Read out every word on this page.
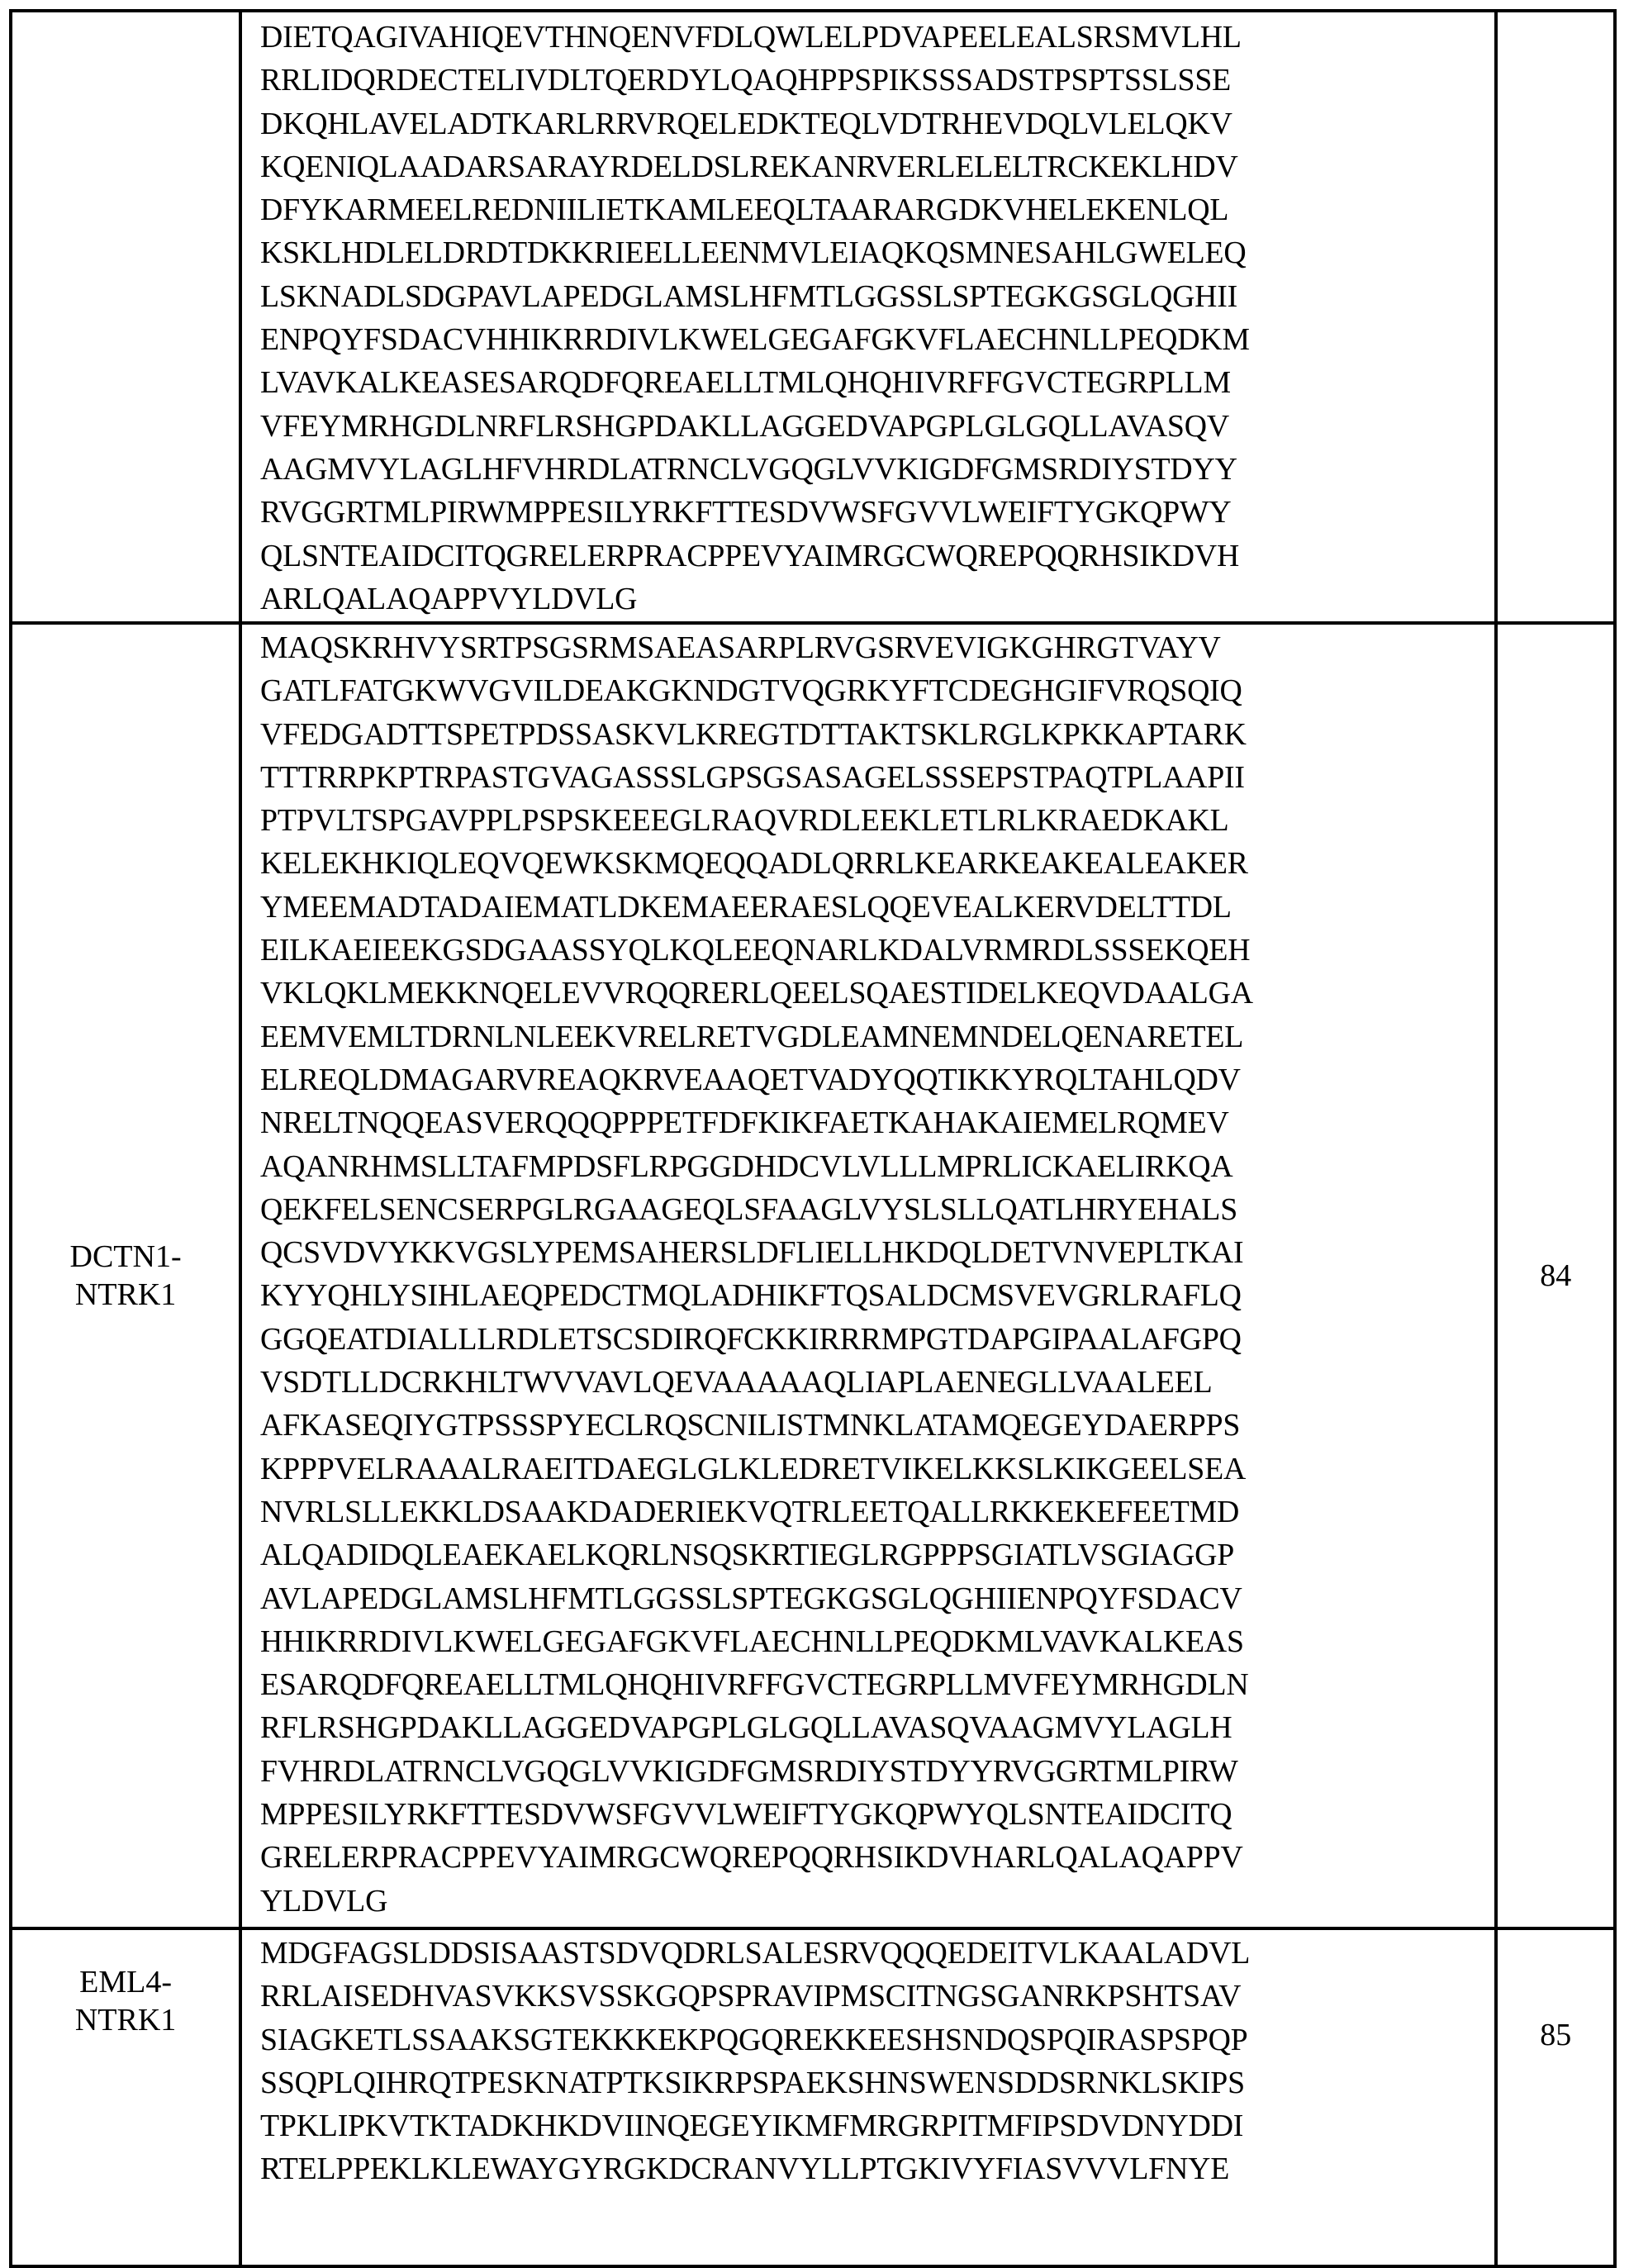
DIETQAGIVAHIQEVTHNQENVFDLQWLELPDVAPEELEALSRSMVLHL
RRLIDQRDECTELIVDLTQERDYLQAQHPPSPIKSSSADSTPSPTSSLSSE
DKQHLAVELADTKARLRRVRQELEDKTEQLVDTRHEVDQLVLELQKV
KQENIQLAADARSARAYRDELDSLREKANRVERLELELTRCKEKLHDV
DFYKARMEELREDNIILIETKAMLEEQLTAARARGDKVHELEKENLQL
KSKLHDLELDRDTDKKRIEELLEENMVLEIAQKQSMNESAHLGWELEQ
LSKNADLSDGPAVLAPEDGLAMSLHFMTLGGSSLSPTEGKGSGLQGHII
ENPQYFSDACVHHIKRRDIVLKWELGEGAFGKVFLAECHNLLPEQDKM
LVAVKALKEASESARQDFQREAELLTMLQHQHIVRFFGVCTEGRPLLM
VFEYMRHGDLNRFLRSHGPDAKLLAGGEDVAPGPLGLGQLLAVASQV
AAGMVYLAGLHFVHRDLATRNCLVGQGLVVKIGDFGMSRDIYSTDYY
RVGGRTMLPIRWMPPESILYRKFTTESDVWSFGVVLWEIFTYGKQPWY
QLSNTEAIDCITQGRELERPRACPPEVYAIMRGCWQREPQQRHSIKDVH
ARLQALAQAPPVYLDVLG

DCTN1-
NTRK1

MAQSKRHVYSRTPSGSRMSAEASARPLRVGSRVEVIGKGHRGTVAYV
GATLFATGKWVGVILDEAKGKNDGTVQGRKYFTCDEGHGIFVRQSQIQ
VFEDGADTTSPETPDSSASKVLKREGTDTTAKTSKLRGLKPKKAPTARK
TTTRRPKPTRPASTGVAGASSSLGPSGSASAGELSSSEPSTPAQTPLAAPII
PTPVLTSPGAVPPLPSPSKEEEGLRAQVRDLEEKLETLRLKRAEDKAKL
KELEKHKIQLEQVQEWKSKMQEQQADLQRRLKEARKEAKEALEAKER
YMEEMADTADAIEMATLDKEMAEERAESLQQEVEALKERVDELTTDL
EILKAEIEEKGSDGAASSYQLKQLEEQNARLKDALVRMRDLSSSEKQEH
VKLQKLMEKKNQELEVVRQQRERLQEELSQAESTIDELKEQVDAALGA
EEMVEMLTDRNLNLEEKVRELRETVGDLEAMNEMNDELQENARETEL
ELREQLDMAGARVREAQKRVEAAQETVADYQQTIKKYRQLTAHLQDV
NRELTNQQEASVERQQQPPPETFDFKIKFAETKAHAKAIEMELRQMEV
AQANRHMSLLTAFMPDSFLRPGGDHDCVLVLLLMPRLICKAELIRKQA
QEKFELSENCSERPGLRGAAGEQLSFAAGLVYSLSLLQATLHRYEHALS
QCSVDVYKKVGSLYPEMSAHERSLDFLIELLHKDQLDETVNVEPLTKAI
KYYQHLYSIHLAEQPEDCTMQLADHIKFTQSALDCMSVEVGRLRAFLQ
GGQEATDIALLLRDLETSCSDIRQFCKKIRRRMPGTDAPGIPAALAFGPQ
VSDTLLDCRKHLTWVVAVLQEVAAAAAQLIAPLAENEGLLVAALEEL
AFKASEQIYGTPSSSPYECLRQSCNILISTMNKLATAMQEGEYDAERPPS
KPPPVELRAAALRAEITDAEGLGLKLEDRETVIKELKKSLKIKGEELSEA
NVRLSLLEKKLDSAAKDADERIEKVQTRLEETQALLRKKEKEFEETMD
ALQADIDQLEAEKAELKQRLNSQSKRTIEGLRGPPPSGIATLVSGIAGGP
AVLAPEDGLAMSLHFMTLGGSSLSPTEGKGSGLQGHIIENPQYFSDACV
HHIKRRDIVLKWELGEGAFGKVFLAECHNLLPEQDKMLVAVKALKEAS
ESARQDFQREAELLTMLQHQHIVRFFGVCTEGRPLLMVFEYMRHGDLN
RFLRSHGPDAKLLAGGEDVAPGPLGLGQLLAVASQVAAGMVYLAGLH
FVHRDLATRNCLVGQGLVVKIGDFGMSRDIYSTDYYRVGGRTMLPIRW
MPPESILYRKFTTESDVWSFGVVLWEIFTYGKQPWYQLSNTEAIDCITQ
GRELERPRACPPEVYAIMRGCWQREPQQRHSIKDVHARLQALAQAPPV
YLDVLG
	84

EML4-
NTRK1

MDGFAGSLDDSISAASTSDVQDRLSALESRVQQQEDEITVLKAALADVL
RRLAISEDHVASVKKSVSSKGQPSPRAVIPMSCITNGSGANRKPSHTSAV
SIAGKETLSSAAKSGTEKKKEKPQGQREKKEESHSNDQSPQIRASPSPQP
SSQPLQIHRQTPESKNATPTKSIKRPSPAEKSHNSWENSDDSRNKLSKIPS
TPKLIPKVTKTADKHKDVIINQEGEYIKMFMRGRPITMFIPSDVDNYDDI
RTELPPEKLKLEWAYGYRGKDCRANVYLLPTGKIVYFIASVVVLFNYE
	85
